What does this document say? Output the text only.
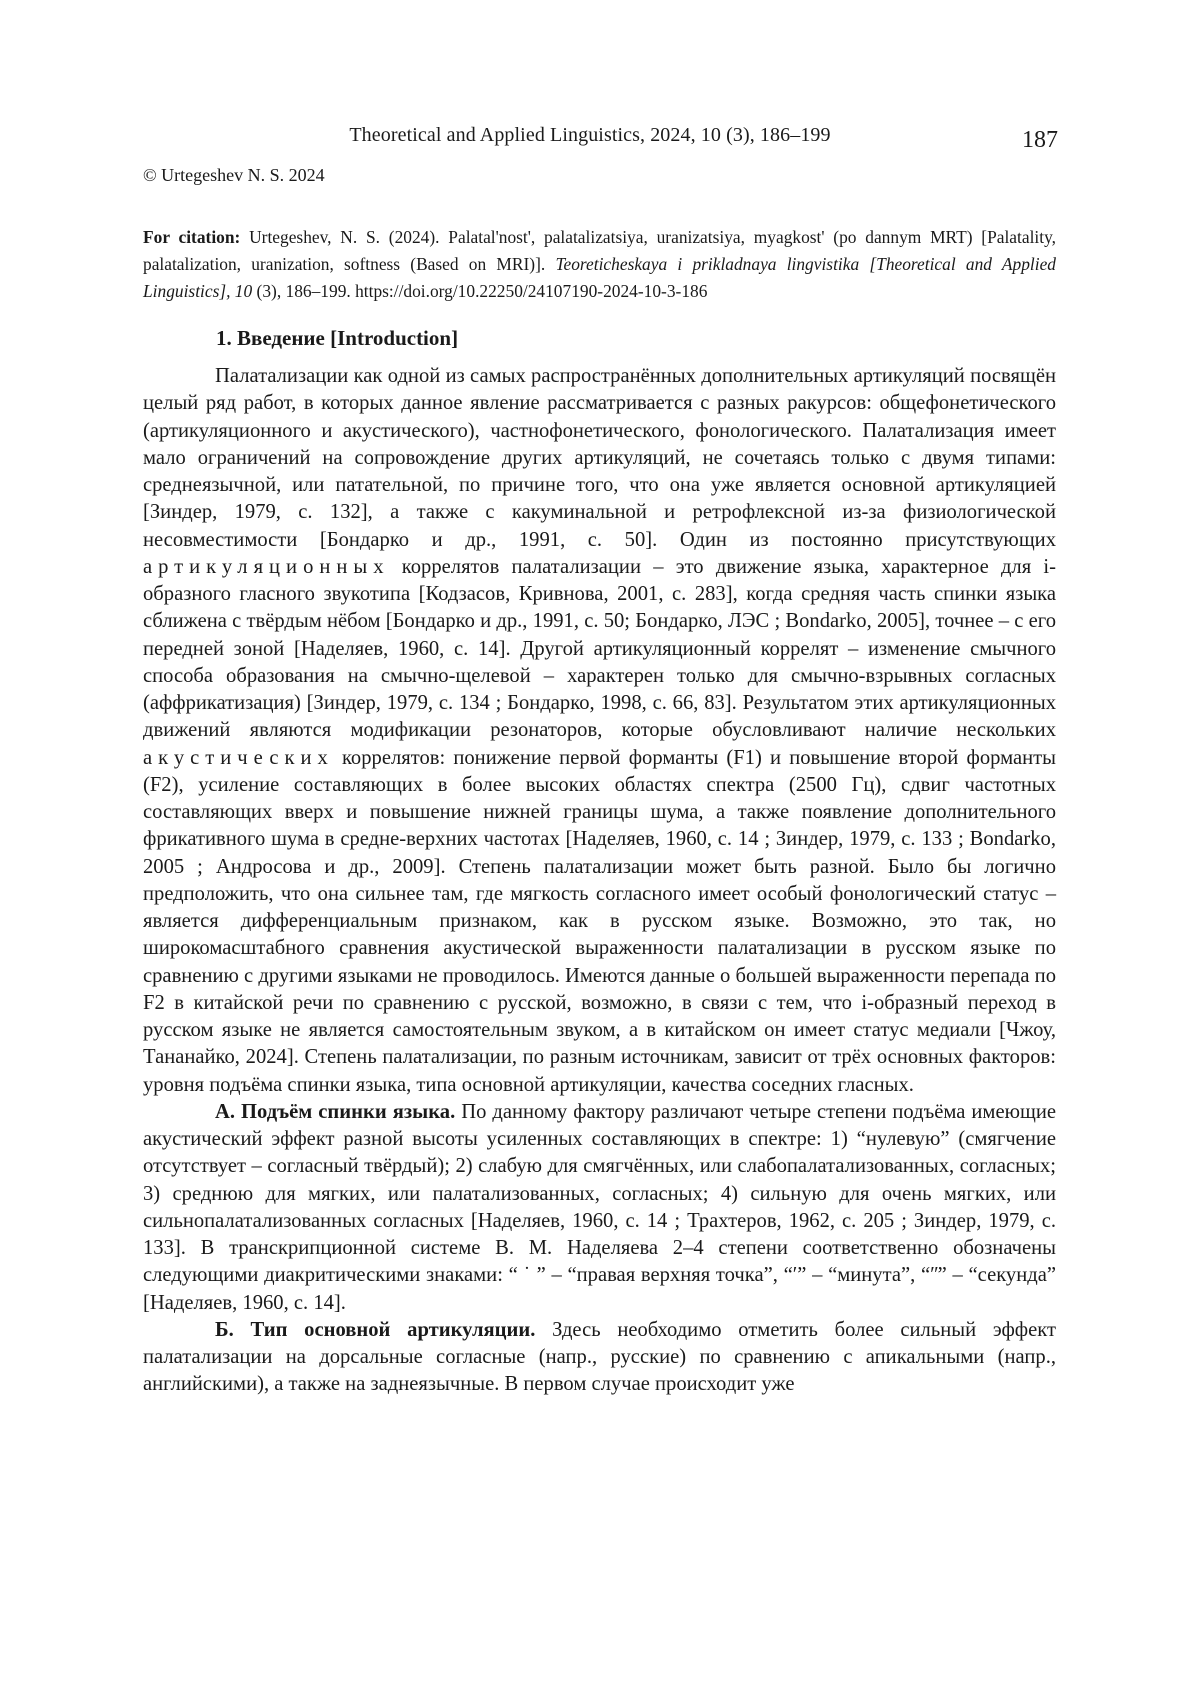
Theoretical and Applied Linguistics, 2024, 10 (3), 186–199	187
© Urtegeshev N. S. 2024
For citation: Urtegeshev, N. S. (2024). Palatal'nost', palatalizatsiya, uranizatsiya, myagkost' (po dannym MRT) [Palatality, palatalization, uranization, softness (Based on MRI)]. Teoreticheskaya i prikladnaya lingvistika [Theoretical and Applied Linguistics], 10 (3), 186–199. https://doi.org/10.22250/24107190-2024-10-3-186
1. Введение [Introduction]

Палатализации как одной из самых распространённых дополнительных артикуляций посвящён целый ряд работ, в которых данное явление рассматривается с разных ракурсов: общефонетического (артикуляционного и акустического), частнофонетического, фонологического. Палатализация имеет мало ограничений на сопровождение других артикуляций, не сочетаясь только с двумя типами: среднеязычной, или патательной, по причине того, что она уже является основной артикуляцией [Зиндер, 1979, с. 132], а также с какуминальной и ретрофлексной из-за физиологической несовместимости [Бондарко и др., 1991, с. 50]. Один из постоянно присутствующих артикуляционных коррелятов палатализации – это движение языка, характерное для i-образного гласного звукотипа [Кодзасов, Кривнова, 2001, с. 283], когда средняя часть спинки языка сближена с твёрдым нёбом [Бондарко и др., 1991, с. 50; Бондарко, ЛЭС ; Bondarko, 2005], точнее – с его передней зоной [Наделяев, 1960, с. 14]. Другой артикуляционный коррелят – изменение смычного способа образования на смычно-щелевой – характерен только для смычно-взрывных согласных (аффрикатизация) [Зиндер, 1979, с. 134 ; Бондарко, 1998, с. 66, 83]. Результатом этих артикуляционных движений являются модификации резонаторов, которые обусловливают наличие нескольких акустических коррелятов: понижение первой форманты (F1) и повышение второй форманты (F2), усиление составляющих в более высоких областях спектра (2500 Гц), сдвиг частотных составляющих вверх и повышение нижней границы шума, а также появление дополнительного фрикативного шума в средне-верхних частотах [Наделяев, 1960, с. 14 ; Зиндер, 1979, с. 133 ; Bondarko, 2005 ; Андросова и др., 2009]. Степень палатализации может быть разной. Было бы логично предположить, что она сильнее там, где мягкость согласного имеет особый фонологический статус – является дифференциальным признаком, как в русском языке. Возможно, это так, но широкомасштабного сравнения акустической выраженности палатализации в русском языке по сравнению с другими языками не проводилось. Имеются данные о большей выраженности перепада по F2 в китайской речи по сравнению с русской, возможно, в связи с тем, что i-образный переход в русском языке не является самостоятельным звуком, а в китайском он имеет статус медиали [Чжоу, Тананайко, 2024]. Степень палатализации, по разным источникам, зависит от трёх основных факторов: уровня подъёма спинки языка, типа основной артикуляции, качества соседних гласных.

А. Подъём спинки языка. По данному фактору различают четыре степени подъёма имеющие акустический эффект разной высоты усиленных составляющих в спектре: 1) “нулевую” (смягчение отсутствует – согласный твёрдый); 2) слабую для смягчённых, или слабопалатализованных, согласных; 3) среднюю для мягких, или палатализованных, согласных; 4) сильную для очень мягких, или сильнопалатализованных согласных [Наделяев, 1960, с. 14 ; Трахтеров, 1962, с. 205 ; Зиндер, 1979, с. 133]. В транскрипционной системе В. М. Наделяева 2–4 степени соответственно обозначены следующими диакритическими знаками: “ ˙ ” – “правая верхняя точка”, “ʹ” – “минута”, “ʺ” – “секунда” [Наделяев, 1960, с. 14].

Б. Тип основной артикуляции. Здесь необходимо отметить более сильный эффект палатализации на дорсальные согласные (напр., русские) по сравнению с апикальными (напр., английскими), а также на заднеязычные. В первом случае происходит уже
